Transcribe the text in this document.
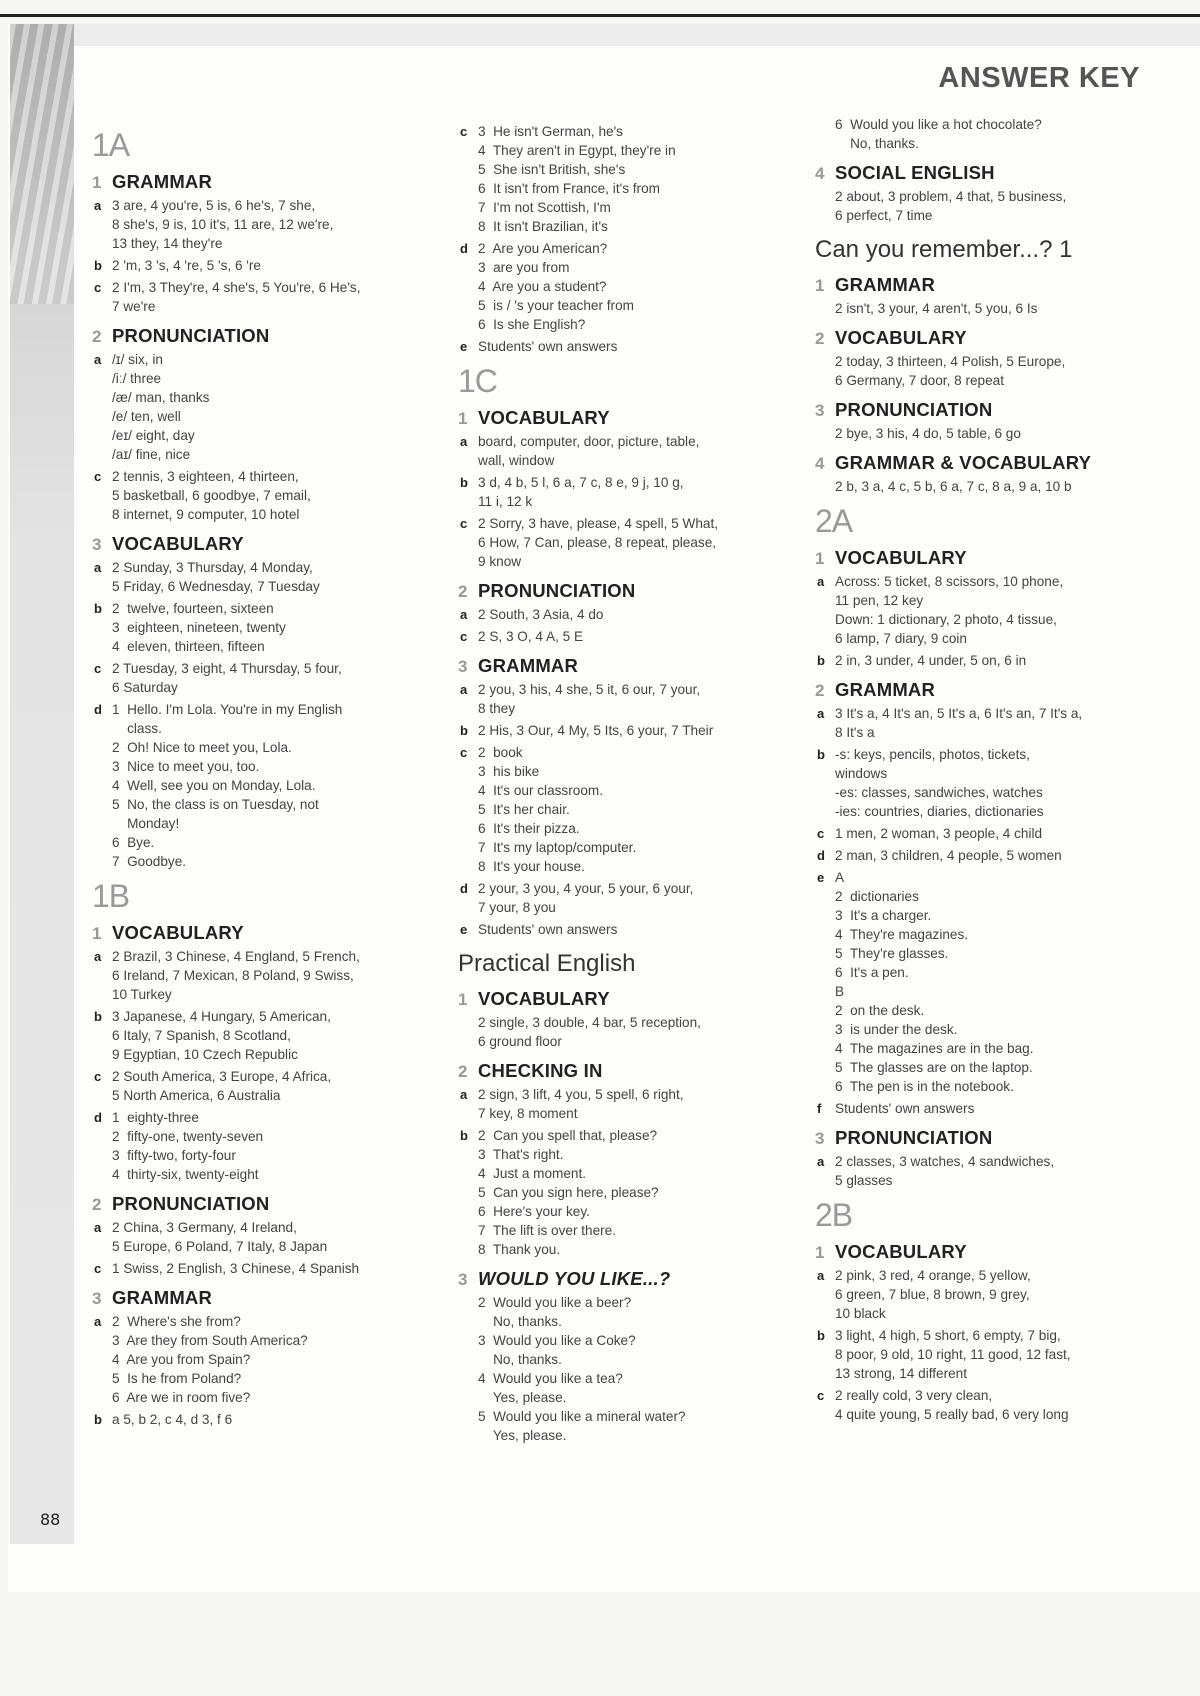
ANSWER KEY
1A
1 GRAMMAR
a 3 are, 4 you're, 5 is, 6 he's, 7 she,
8 she's, 9 is, 10 it's, 11 are, 12 we're,
13 they, 14 they're
b 2 'm, 3 's, 4 're, 5 's, 6 're
c 2 I'm, 3 They're, 4 she's, 5 You're, 6 He's,
7 we're
2 PRONUNCIATION
a /ɪ/ six, in
/iː/ three
/æ/ man, thanks
/e/ ten, well
/eɪ/ eight, day
/aɪ/ fine, nice
c 2 tennis, 3 eighteen, 4 thirteen,
5 basketball, 6 goodbye, 7 email,
8 internet, 9 computer, 10 hotel
3 VOCABULARY
a 2 Sunday, 3 Thursday, 4 Monday,
5 Friday, 6 Wednesday, 7 Tuesday
b 2  twelve, fourteen, sixteen
3  eighteen, nineteen, twenty
4  eleven, thirteen, fifteen
c 2 Tuesday, 3 eight, 4 Thursday, 5 four,
6 Saturday
d 1  Hello. I'm Lola. You're in my English
class.
2  Oh! Nice to meet you, Lola.
3  Nice to meet you, too.
4  Well, see you on Monday, Lola.
5  No, the class is on Tuesday, not
Monday!
6  Bye.
7  Goodbye.
1B
1 VOCABULARY
a 2 Brazil, 3 Chinese, 4 England, 5 French,
6 Ireland, 7 Mexican, 8 Poland, 9 Swiss,
10 Turkey
b 3 Japanese, 4 Hungary, 5 American,
6 Italy, 7 Spanish, 8 Scotland,
9 Egyptian, 10 Czech Republic
c 2 South America, 3 Europe, 4 Africa,
5 North America, 6 Australia
d 1  eighty-three
2  fifty-one, twenty-seven
3  fifty-two, forty-four
4  thirty-six, twenty-eight
2 PRONUNCIATION
a 2 China, 3 Germany, 4 Ireland,
5 Europe, 6 Poland, 7 Italy, 8 Japan
c 1 Swiss, 2 English, 3 Chinese, 4 Spanish
3 GRAMMAR
a 2  Where's she from?
3  Are they from South America?
4  Are you from Spain?
5  Is he from Poland?
6  Are we in room five?
b a 5, b 2, c 4, d 3, f 6
c 3  He isn't German, he's
4  They aren't in Egypt, they're in
5  She isn't British, she's
6  It isn't from France, it's from
7  I'm not Scottish, I'm
8  It isn't Brazilian, it's
d 2  Are you American?
3  are you from
4  Are you a student?
5  is / 's your teacher from
6  Is she English?
e Students' own answers
1C
1 VOCABULARY
a board, computer, door, picture, table,
wall, window
b 3 d, 4 b, 5 l, 6 a, 7 c, 8 e, 9 j, 10 g,
11 i, 12 k
c 2 Sorry, 3 have, please, 4 spell, 5 What,
6 How, 7 Can, please, 8 repeat, please,
9 know
2 PRONUNCIATION
a 2 South, 3 Asia, 4 do
c 2 S, 3 O, 4 A, 5 E
3 GRAMMAR
a 2 you, 3 his, 4 she, 5 it, 6 our, 7 your,
8 they
b 2 His, 3 Our, 4 My, 5 Its, 6 your, 7 Their
c 2  book
3  his bike
4  It's our classroom.
5  It's her chair.
6  It's their pizza.
7  It's my laptop/computer.
8  It's your house.
d 2 your, 3 you, 4 your, 5 your, 6 your,
7 your, 8 you
e Students' own answers
Practical English
1 VOCABULARY
2 single, 3 double, 4 bar, 5 reception,
6 ground floor
2 CHECKING IN
a 2 sign, 3 lift, 4 you, 5 spell, 6 right,
7 key, 8 moment
b 2  Can you spell that, please?
3  That's right.
4  Just a moment.
5  Can you sign here, please?
6  Here's your key.
7  The lift is over there.
8  Thank you.
3 WOULD YOU LIKE...?
2  Would you like a beer?
No, thanks.
3  Would you like a Coke?
No, thanks.
4  Would you like a tea?
Yes, please.
5  Would you like a mineral water?
Yes, please.
6  Would you like a hot chocolate?
No, thanks.
4 SOCIAL ENGLISH
2 about, 3 problem, 4 that, 5 business,
6 perfect, 7 time
Can you remember...? 1
1 GRAMMAR
2 isn't, 3 your, 4 aren't, 5 you, 6 Is
2 VOCABULARY
2 today, 3 thirteen, 4 Polish, 5 Europe,
6 Germany, 7 door, 8 repeat
3 PRONUNCIATION
2 bye, 3 his, 4 do, 5 table, 6 go
4 GRAMMAR & VOCABULARY
2 b, 3 a, 4 c, 5 b, 6 a, 7 c, 8 a, 9 a, 10 b
2A
1 VOCABULARY
a Across: 5 ticket, 8 scissors, 10 phone,
11 pen, 12 key
Down: 1 dictionary, 2 photo, 4 tissue,
6 lamp, 7 diary, 9 coin
b 2 in, 3 under, 4 under, 5 on, 6 in
2 GRAMMAR
a 3 It's a, 4 It's an, 5 It's a, 6 It's an, 7 It's a,
8 It's a
b -s: keys, pencils, photos, tickets,
windows
-es: classes, sandwiches, watches
-ies: countries, diaries, dictionaries
c 1 men, 2 woman, 3 people, 4 child
d 2 man, 3 children, 4 people, 5 women
e A
2  dictionaries
3  It's a charger.
4  They're magazines.
5  They're glasses.
6  It's a pen.
B
2  on the desk.
3  is under the desk.
4  The magazines are in the bag.
5  The glasses are on the laptop.
6  The pen is in the notebook.
f	Students' own answers
3 PRONUNCIATION
a 2 classes, 3 watches, 4 sandwiches,
5 glasses
2B
1 VOCABULARY
a 2 pink, 3 red, 4 orange, 5 yellow,
6 green, 7 blue, 8 brown, 9 grey,
10 black
b 3 light, 4 high, 5 short, 6 empty, 7 big,
8 poor, 9 old, 10 right, 11 good, 12 fast,
13 strong, 14 different
c 2 really cold, 3 very clean,
4 quite young, 5 really bad, 6 very long
88
